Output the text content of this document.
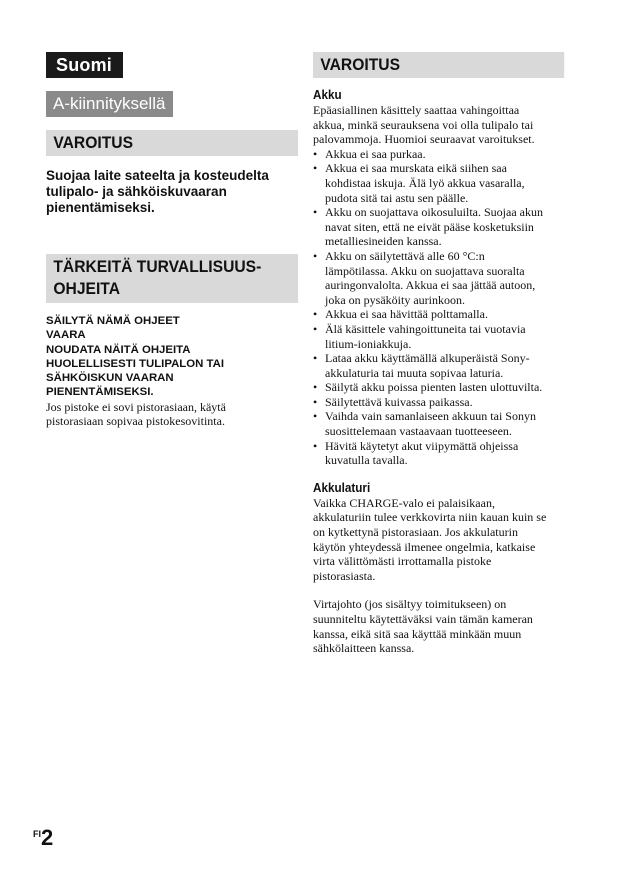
Suomi
A-kiinnityksellä
VAROITUS
Suojaa laite sateelta ja kosteudelta tulipalo- ja sähköiskuvaaran pienentämiseksi.
TÄRKEITÄ TURVALLISUUS-
OHJEITA
SÄILYTÄ NÄMÄ OHJEET
VAARA
NOUDATA NÄITÄ OHJEITA
HUOLELLISESTI TULIPALON TAI
SÄHKÖISKUN VAARAN
PIENENTÄMISEKSI.
Jos pistoke ei sovi pistorasiaan, käytä pistorasiaan sopivaa pistokesovitinta.
VAROITUS
Akku
Epäasiallinen käsittely saattaa vahingoittaa akkua, minkä seurauksena voi olla tulipalo tai palovammoja. Huomioi seuraavat varoitukset.
• Akkua ei saa purkaa.
• Akkua ei saa murskata eikä siihen saa kohdistaa iskuja. Älä lyö akkua vasaralla, pudota sitä tai astu sen päälle.
• Akku on suojattava oikosuluilta. Suojaa akun navat siten, että ne eivät pääse kosketuksiin metalliesineiden kanssa.
• Akku on säilytettävä alle 60 °C:n lämpötilassa. Akku on suojattava suoralta auringonvalolta. Akkua ei saa jättää autoon, joka on pysäköity aurinkoon.
• Akkua ei saa hävittää polttamalla.
• Älä käsittele vahingoittuneita tai vuotavia litium-ioniakkuja.
• Lataa akku käyttämällä alkuperäistä Sony-akkulaturia tai muuta sopivaa laturia.
• Säilytä akku poissa pienten lasten ulottuvilta.
• Säilytettävä kuivassa paikassa.
• Vaihda vain samanlaiseen akkuun tai Sonyn suosittelemaan vastaavaan tuotteeseen.
• Hävitä käytetyt akut viipymättä ohjeissa kuvatulla tavalla.
Akkulaturi
Vaikka CHARGE-valo ei palaisikaan, akkulaturiin tulee verkkovirta niin kauan kuin se on kytkettynä pistorasiaan. Jos akkulaturin käytön yhteydessä ilmenee ongelmia, katkaise virta välittömästi irrottamalla pistoke pistorasiasta.
Virtajohto (jos sisältyy toimitukseen) on suunniteltu käytettäväksi vain tämän kameran kanssa, eikä sitä saa käyttää minkään muun sähkölaitteen kanssa.
$^{FI}$2
